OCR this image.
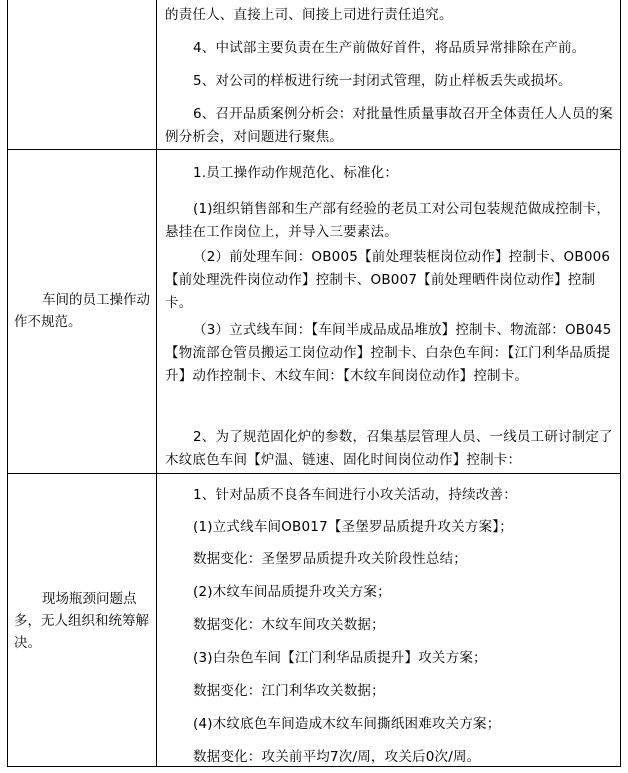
的责任人、直接上司、间接上司进行责任追究。
4、中试部主要负责在生产前做好首件，将品质异常排除在产前。
5、对公司的样板进行统一封闭式管理，防止样板丢失或损坏。
6、召开品质案例分析会：对批量性质量事故召开全体责任人人员的案例分析会，对问题进行聚焦。
车间的员工操作动作不规范。
1.员工操作动作规范化、标准化：
(1)组织销售部和生产部有经验的老员工对公司包装规范做成控制卡，悬挂在工作岗位上，并导入三要素法。
（2）前处理车间：OB005【前处理装框岗位动作】控制卡、OB006【前处理洗件岗位动作】控制卡、OB007【前处理晒件岗位动作】控制卡。
（3）立式线车间：【车间半成品成品堆放】控制卡、物流部：OB045【物流部仓管员搬运工岗位动作】控制卡、白杂色车间：【江门利华品质提升】动作控制卡、木纹车间：【木纹车间岗位动作】控制卡。
2、为了规范固化炉的参数，召集基层管理人员、一线员工研讨制定了木纹底色车间【炉温、链速、固化时间岗位动作】控制卡：
现场瓶颈问题点多，无人组织和统筹解决。
1、针对品质不良各车间进行小攻关活动，持续改善：
(1)立式线车间OB017【圣堡罗品质提升攻关方案】；
数据变化：圣堡罗品质提升攻关阶段性总结；
(2)木纹车间品质提升攻关方案；
数据变化：木纹车间攻关数据；
(3)白杂色车间【江门利华品质提升】攻关方案；
数据变化：江门利华攻关数据；
(4)木纹底色车间造成木纹车间撕纸困难攻关方案；
数据变化：攻关前平均7次/周，攻关后0次/周。
